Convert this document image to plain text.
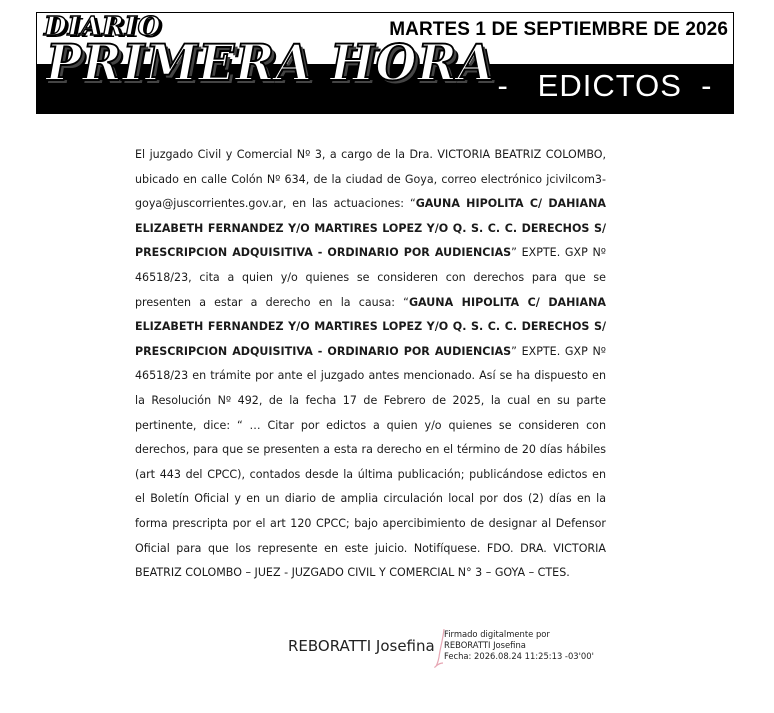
MARTES 1 DE SEPTIEMBRE DE 2026
DIARIO
PRIMERA HORA -   EDICTOS  -
El juzgado Civil y Comercial Nº 3, a cargo de la Dra. VICTORIA BEATRIZ COLOMBO, ubicado en calle Colón Nº 634, de la ciudad de Goya, correo electrónico jcivilcom3-goya@juscorrientes.gov.ar, en las actuaciones: “GAUNA HIPOLITA C/ DAHIANA ELIZABETH FERNANDEZ Y/O MARTIRES LOPEZ Y/O Q. S. C. C. DERECHOS S/ PRESCRIPCION ADQUISITIVA - ORDINARIO POR AUDIENCIAS” EXPTE. GXP Nº 46518/23, cita a quien y/o quienes se consideren con derechos para que se presenten a estar a derecho en la causa: “GAUNA HIPOLITA C/ DAHIANA ELIZABETH FERNANDEZ Y/O MARTIRES LOPEZ Y/O Q. S. C. C. DERECHOS S/ PRESCRIPCION ADQUISITIVA - ORDINARIO POR AUDIENCIAS” EXPTE. GXP Nº 46518/23 en trámite por ante el juzgado antes mencionado. Así se ha dispuesto en la Resolución Nº 492, de la fecha 17 de Febrero de 2025, la cual en su parte pertinente, dice: “ … Citar por edictos a quien y/o quienes se consideren con derechos, para que se presenten a esta ra derecho en el término de 20 días hábiles (art 443 del CPCC), contados desde la última publicación; publicándose edictos en el Boletín Oficial y en un diario de amplia circulación local por dos (2) días en la forma prescripta por el art 120 CPCC; bajo apercibimiento de designar al Defensor Oficial para que los represente en este juicio. Notifíquese. FDO. DRA. VICTORIA BEATRIZ COLOMBO – JUEZ - JUZGADO CIVIL Y COMERCIAL N° 3 – GOYA – CTES.
REBORATTI Josefina
Firmado digitalmente por
REBORATTI Josefina
Fecha: 2026.08.24 11:25:13 -03'00'
